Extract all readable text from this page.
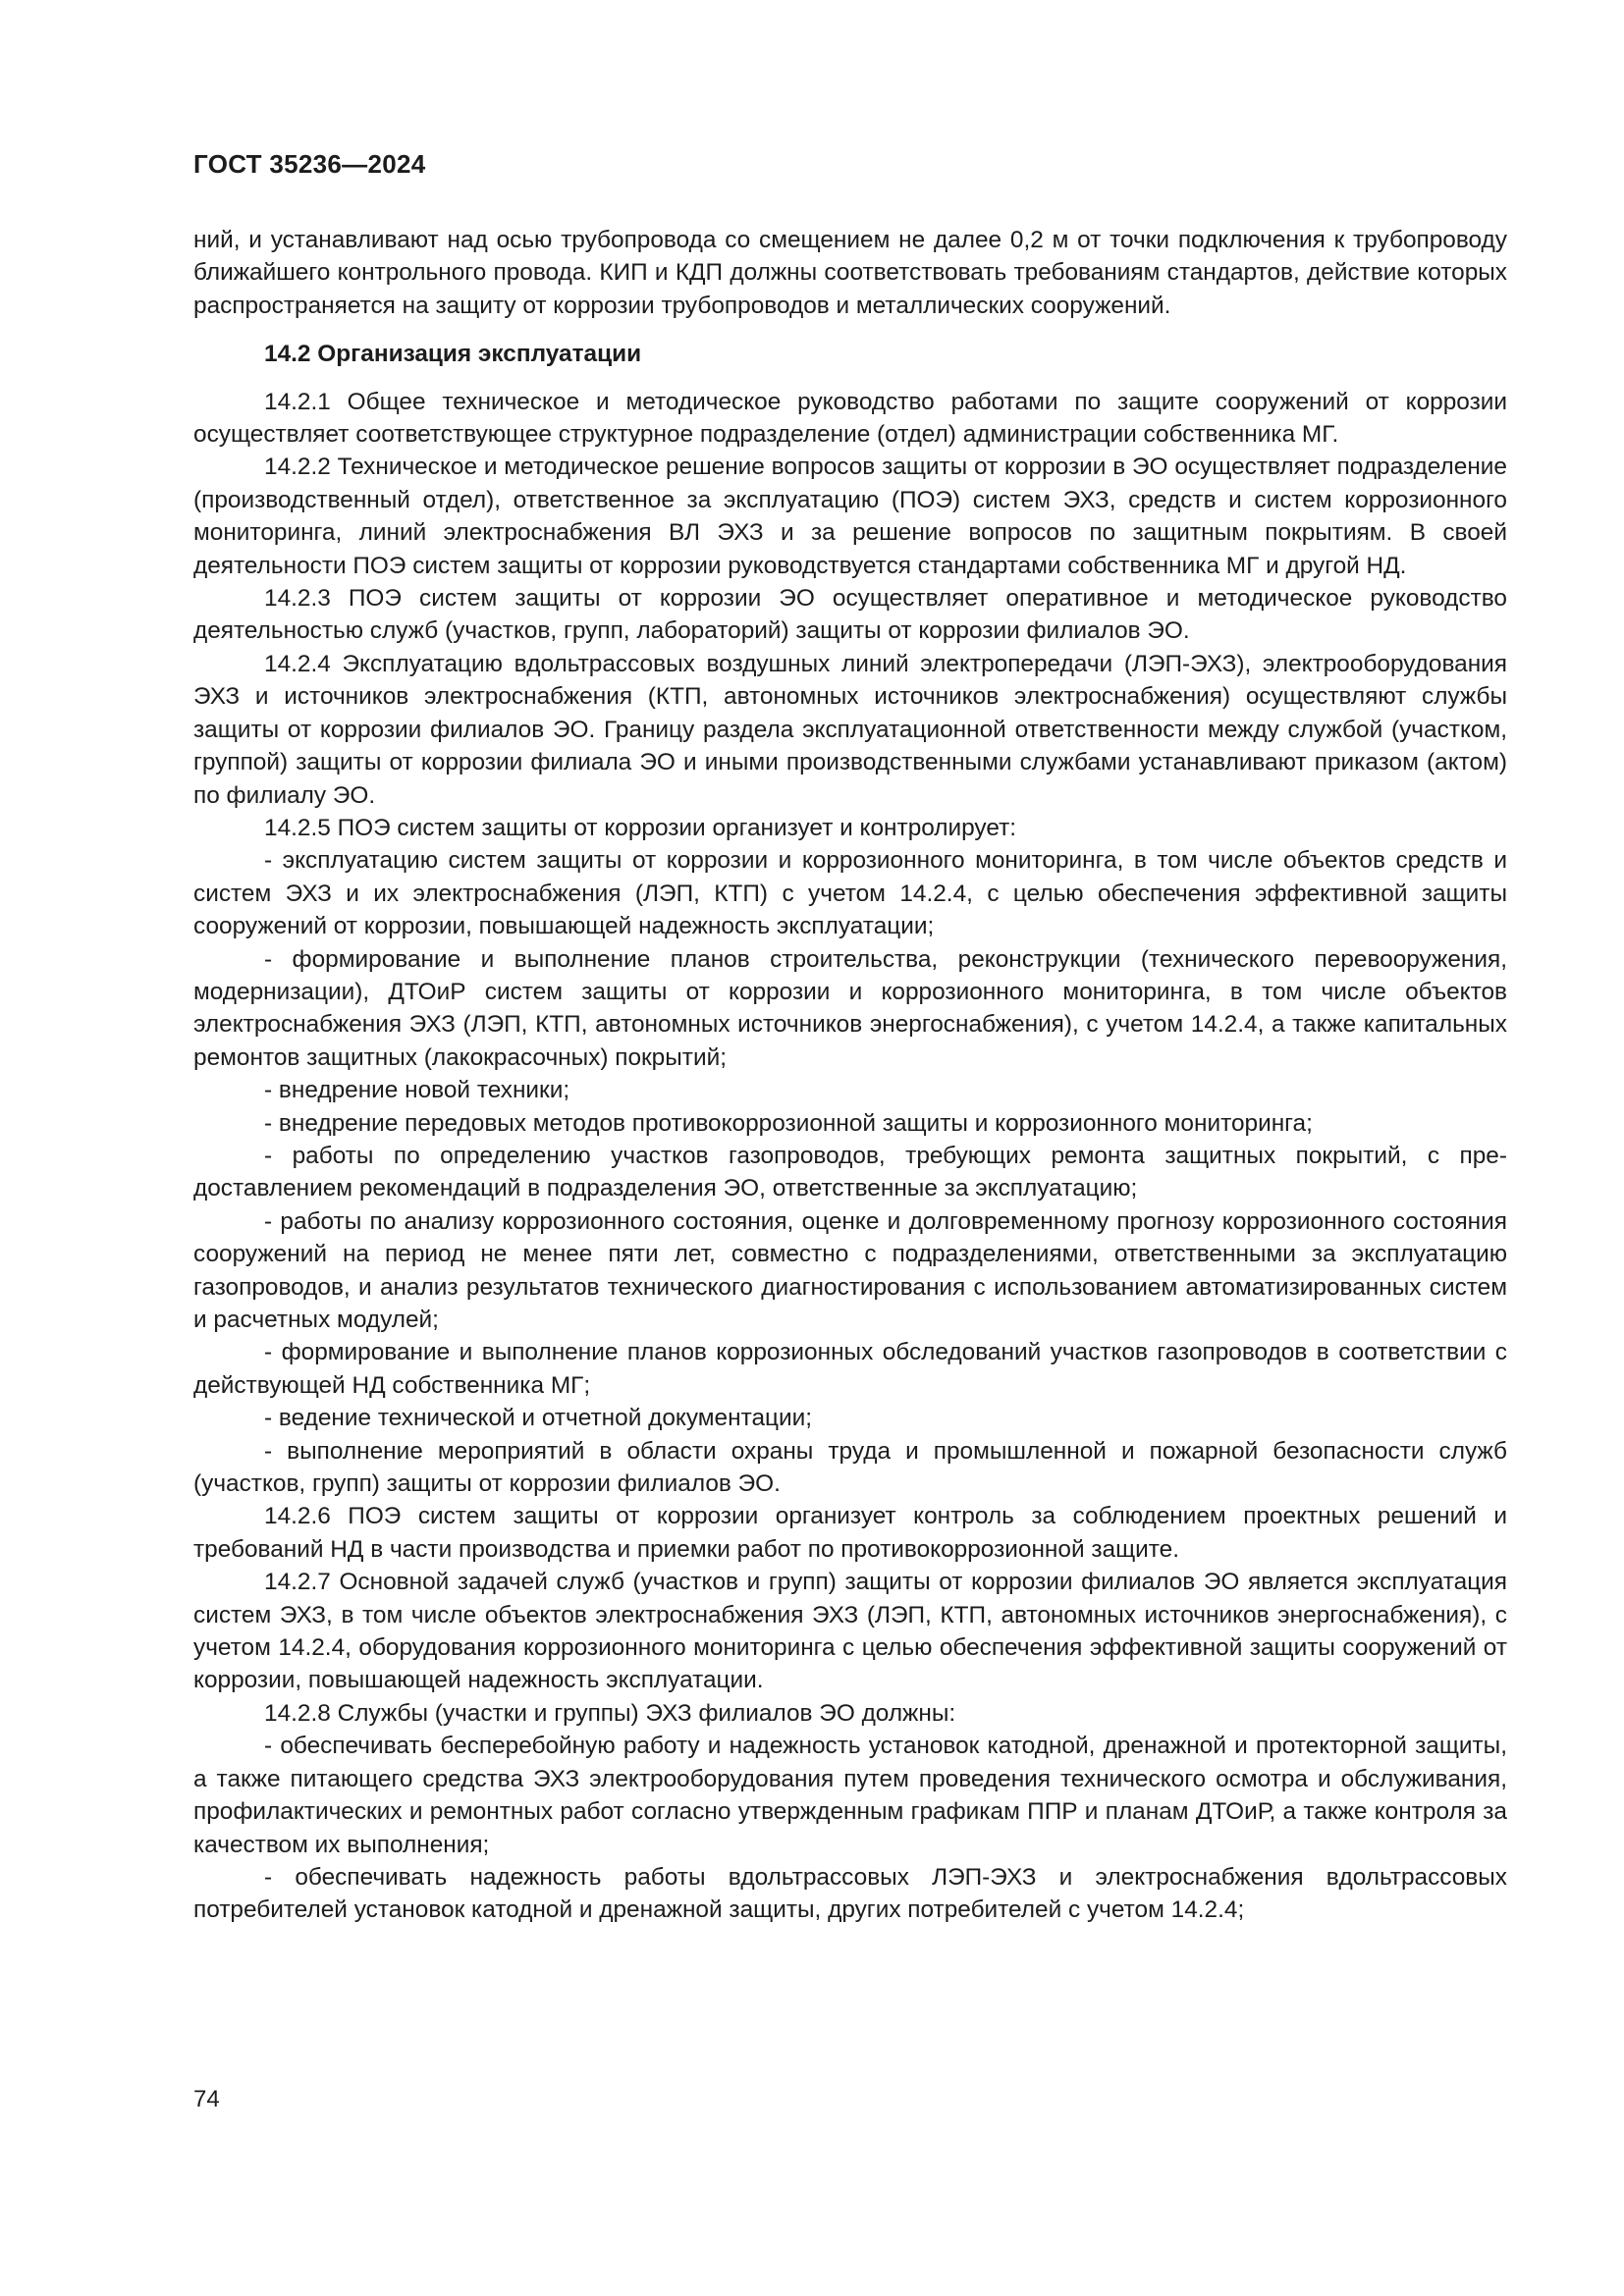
ГОСТ 35236—2024

ний, и устанавливают над осью трубопровода со смещением не далее 0,2 м от точки подключения к трубопроводу ближайшего контрольного провода. КИП и КДП должны соответствовать требованиям стандартов, действие которых распространяется на защиту от коррозии трубопроводов и металлических сооружений.

14.2 Организация эксплуатации

14.2.1 Общее техническое и методическое руководство работами по защите сооружений от коррозии осуществляет соответствующее структурное подразделение (отдел) администрации собственника МГ.

14.2.2 Техническое и методическое решение вопросов защиты от коррозии в ЭО осуществляет подразделение (производственный отдел), ответственное за эксплуатацию (ПОЭ) систем ЭХЗ, средств и систем коррозионного мониторинга, линий электроснабжения ВЛ ЭХЗ и за решение вопросов по защитным покрытиям. В своей деятельности ПОЭ систем защиты от коррозии руководствуется стандартами собственника МГ и другой НД.

14.2.3 ПОЭ систем защиты от коррозии ЭО осуществляет оперативное и методическое руководство деятельностью служб (участков, групп, лабораторий) защиты от коррозии филиалов ЭО.

14.2.4 Эксплуатацию вдольтрассовых воздушных линий электропередачи (ЛЭП-ЭХЗ), электрооборудования ЭХЗ и источников электроснабжения (КТП, автономных источников электроснабжения) осуществляют службы защиты от коррозии филиалов ЭО. Границу раздела эксплуатационной ответственности между службой (участком, группой) защиты от коррозии филиала ЭО и иными производственными службами устанавливают приказом (актом) по филиалу ЭО.

14.2.5 ПОЭ систем защиты от коррозии организует и контролирует:

- эксплуатацию систем защиты от коррозии и коррозионного мониторинга, в том числе объектов средств и систем ЭХЗ и их электроснабжения (ЛЭП, КТП) с учетом 14.2.4, с целью обеспечения эффективной защиты сооружений от коррозии, повышающей надежность эксплуатации;

- формирование и выполнение планов строительства, реконструкции (технического перевооружения, модернизации), ДТОиР систем защиты от коррозии и коррозионного мониторинга, в том числе объектов электроснабжения ЭХЗ (ЛЭП, КТП, автономных источников энергоснабжения), с учетом 14.2.4, а также капитальных ремонтов защитных (лакокрасочных) покрытий;

- внедрение новой техники;

- внедрение передовых методов противокоррозионной защиты и коррозионного мониторинга;

- работы по определению участков газопроводов, требующих ремонта защитных покрытий, с предоставлением рекомендаций в подразделения ЭО, ответственные за эксплуатацию;

- работы по анализу коррозионного состояния, оценке и долговременному прогнозу коррозионного состояния сооружений на период не менее пяти лет, совместно с подразделениями, ответственными за эксплуатацию газопроводов, и анализ результатов технического диагностирования с использованием автоматизированных систем и расчетных модулей;

- формирование и выполнение планов коррозионных обследований участков газопроводов в соответствии с действующей НД собственника МГ;

- ведение технической и отчетной документации;

- выполнение мероприятий в области охраны труда и промышленной и пожарной безопасности служб (участков, групп) защиты от коррозии филиалов ЭО.

14.2.6 ПОЭ систем защиты от коррозии организует контроль за соблюдением проектных решений и требований НД в части производства и приемки работ по противокоррозионной защите.

14.2.7 Основной задачей служб (участков и групп) защиты от коррозии филиалов ЭО является эксплуатация систем ЭХЗ, в том числе объектов электроснабжения ЭХЗ (ЛЭП, КТП, автономных источников энергоснабжения), с учетом 14.2.4, оборудования коррозионного мониторинга с целью обеспечения эффективной защиты сооружений от коррозии, повышающей надежность эксплуатации.

14.2.8 Службы (участки и группы) ЭХЗ филиалов ЭО должны:

- обеспечивать бесперебойную работу и надежность установок катодной, дренажной и протекторной защиты, а также питающего средства ЭХЗ электрооборудования путем проведения технического осмотра и обслуживания, профилактических и ремонтных работ согласно утвержденным графикам ППР и планам ДТОиР, а также контроля за качеством их выполнения;

- обеспечивать надежность работы вдольтрассовых ЛЭП-ЭХЗ и электроснабжения вдольтрассовых потребителей установок катодной и дренажной защиты, других потребителей с учетом 14.2.4;

74
